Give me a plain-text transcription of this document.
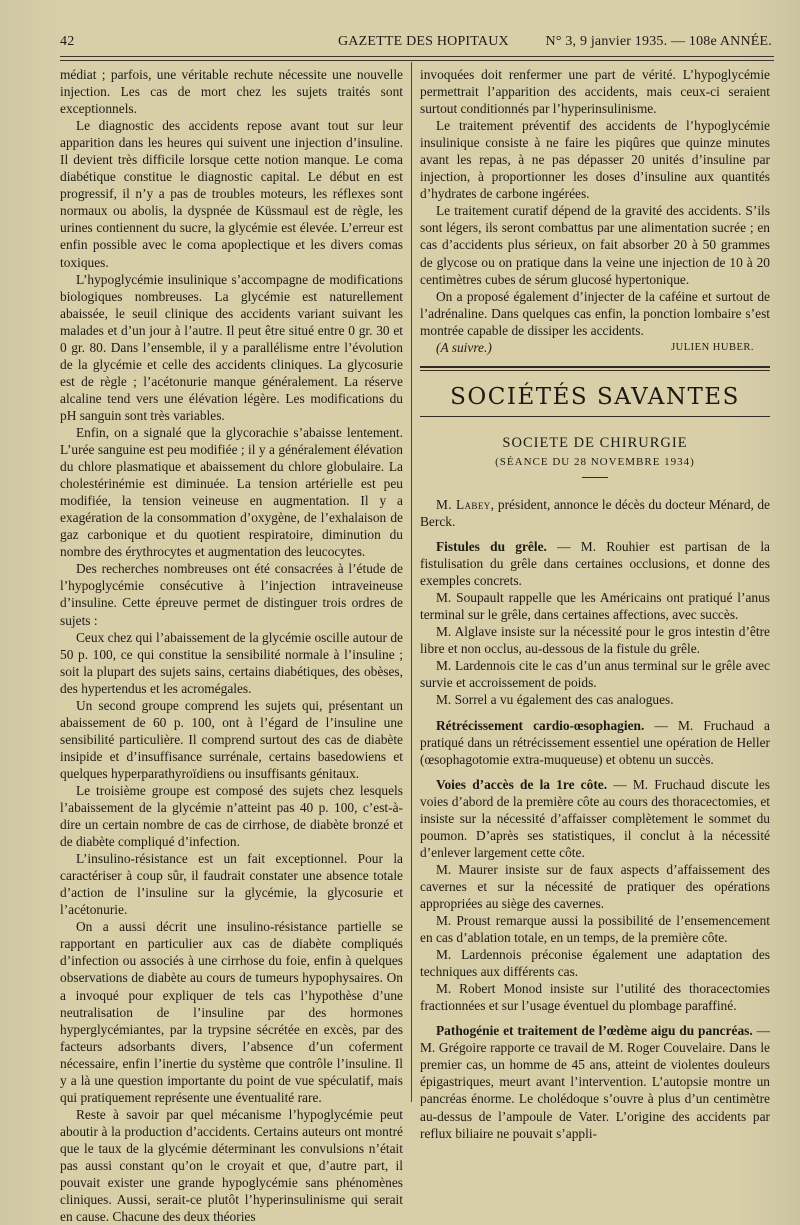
42	GAZETTE DES HOPITAUX	N° 3, 9 janvier 1935. — 108e ANNÉE.

médiat ; parfois, une véritable rechute nécessite une nouvelle injection. Les cas de mort chez les sujets traités sont exceptionnels.

Le diagnostic des accidents repose avant tout sur leur apparition dans les heures qui suivent une injection d’insuline. Il devient très difficile lorsque cette notion manque. Le coma diabétique constitue le diagnostic capital. Le début en est progressif, il n’y a pas de troubles moteurs, les réflexes sont normaux ou abolis, la dyspnée de Küssmaul est de règle, les urines contiennent du sucre, la glycémie est élevée. L’erreur est enfin possible avec le coma apoplectique et les divers comas toxiques.

L’hypoglycémie insulinique s’accompagne de modifications biologiques nombreuses. La glycémie est naturellement abaissée, le seuil clinique des accidents variant suivant les malades et d’un jour à l’autre. Il peut être situé entre 0 gr. 30 et 0 gr. 80. Dans l’ensemble, il y a parallélisme entre l’évolution de la glycémie et celle des accidents cliniques. La glycosurie est de règle ; l’acétonurie manque généralement. La réserve alcaline tend vers une élévation légère. Les modifications du pH sanguin sont très variables.

Enfin, on a signalé que la glycorachie s’abaisse lentement. L’urée sanguine est peu modifiée ; il y a généralement élévation du chlore plasmatique et abaissement du chlore globulaire. La cholestérinémie est diminuée. La tension artérielle est peu modifiée, la tension veineuse en augmentation. Il y a exagération de la consommation d’oxygène, de l’exhalaison de gaz carbonique et du quotient respiratoire, diminution du nombre des érythrocytes et augmentation des leucocytes.

Des recherches nombreuses ont été consacrées à l’étude de l’hypoglycémie consécutive à l’injection intraveineuse d’insuline. Cette épreuve permet de distinguer trois ordres de sujets :

Ceux chez qui l’abaissement de la glycémie oscille autour de 50 p. 100, ce qui constitue la sensibilité normale à l’insuline ; soit la plupart des sujets sains, certains diabétiques, des obèses, des hypertendus et les acromégales.

Un second groupe comprend les sujets qui, présentant un abaissement de 60 p. 100, ont à l’égard de l’insuline une sensibilité particulière. Il comprend surtout des cas de diabète insipide et d’insuffisance surrénale, certains basedowiens et quelques hyperparathyroïdiens ou insuffisants génitaux.

Le troisième groupe est composé des sujets chez lesquels l’abaissement de la glycémie n’atteint pas 40 p. 100, c’est-à-dire un certain nombre de cas de cirrhose, de diabète bronzé et de diabète compliqué d’infection.

L’insulino-résistance est un fait exceptionnel. Pour la caractériser à coup sûr, il faudrait constater une absence totale d’action de l’insuline sur la glycémie, la glycosurie et l’acétonurie.

On a aussi décrit une insulino-résistance partielle se rapportant en particulier aux cas de diabète compliqués d’infection ou associés à une cirrhose du foie, enfin à quelques observations de diabète au cours de tumeurs hypophysaires. On a invoqué pour expliquer de tels cas l’hypothèse d’une neutralisation de l’insuline par des hormones hyperglycémiantes, par la trypsine sécrétée en excès, par des facteurs adsorbants divers, l’absence d’un coferment nécessaire, enfin l’inertie du système que contrôle l’insuline. Il y a là une question importante du point de vue spéculatif, mais qui pratiquement représente une éventualité rare.

Reste à savoir par quel mécanisme l’hypoglycémie peut aboutir à la production d’accidents. Certains auteurs ont montré que le taux de la glycémie déterminant les convulsions n’était pas aussi constant qu’on le croyait et que, d’autre part, il pouvait exister une grande hypoglycémie sans phénomènes cliniques. Aussi, serait-ce plutôt l’hyperinsulinisme qui serait en cause. Chacune des deux théories

invoquées doit renfermer une part de vérité. L’hypoglycémie permettrait l’apparition des accidents, mais ceux-ci seraient surtout conditionnés par l’hyperinsulinisme.

Le traitement préventif des accidents de l’hypoglycémie insulinique consiste à ne faire les piqûres que quinze minutes avant les repas, à ne pas dépasser 20 unités d’insuline par injection, à proportionner les doses d’insuline aux quantités d’hydrates de carbone ingérées.

Le traitement curatif dépend de la gravité des accidents. S’ils sont légers, ils seront combattus par une alimentation sucrée ; en cas d’accidents plus sérieux, on fait absorber 20 à 50 grammes de glycose ou on pratique dans la veine une injection de 10 à 20 centimètres cubes de sérum glucosé hypertonique.

On a proposé également d’injecter de la caféine et surtout de l’adrénaline. Dans quelques cas enfin, la ponction lombaire s’est montrée capable de dissiper les accidents.

(A suivre.)	JULIEN HUBER.
SOCIÉTÉS SAVANTES
SOCIETE DE CHIRURGIE
(SÉANCE DU 28 NOVEMBRE 1934)

M. Labey, président, annonce le décès du docteur Ménard, de Berck.

Fistules du grêle. — M. Rouhier est partisan de la fistulisation du grêle dans certaines occlusions, et donne des exemples concrets.

M. Soupault rappelle que les Américains ont pratiqué l’anus terminal sur le grêle, dans certaines affections, avec succès.

M. Alglave insiste sur la nécessité pour le gros intestin d’être libre et non occlus, au-dessous de la fistule du grêle.

M. Lardennois cite le cas d’un anus terminal sur le grêle avec survie et accroissement de poids.

M. Sorrel a vu également des cas analogues.

Rétrécissement cardio-œsophagien. — M. Fruchaud a pratiqué dans un rétrécissement essentiel une opération de Heller (œsophagotomie extra-muqueuse) et obtenu un succès.

Voies d’accès de la 1re côte. — M. Fruchaud discute les voies d’abord de la première côte au cours des thoracectomies, et insiste sur la nécessité d’affaisser complètement le sommet du poumon. D’après ses statistiques, il conclut à la nécessité d’enlever largement cette côte.

M. Maurer insiste sur de faux aspects d’affaissement des cavernes et sur la nécessité de pratiquer des opérations appropriées au siège des cavernes.

M. Proust remarque aussi la possibilité de l’ensemencement en cas d’ablation totale, en un temps, de la première côte.

M. Lardennois préconise également une adaptation des techniques aux différents cas.

M. Robert Monod insiste sur l’utilité des thoracectomies fractionnées et sur l’usage éventuel du plombage paraffiné.

Pathogénie et traitement de l’œdème aigu du pancréas. — M. Grégoire rapporte ce travail de M. Roger Couvelaire. Dans le premier cas, un homme de 45 ans, atteint de violentes douleurs épigastriques, meurt avant l’intervention. L’autopsie montre un pancréas énorme. Le cholédoque s’ouvre à plus d’un centimètre au-dessus de l’ampoule de Vater. L’origine des accidents par reflux biliaire ne pouvait s’appli-
